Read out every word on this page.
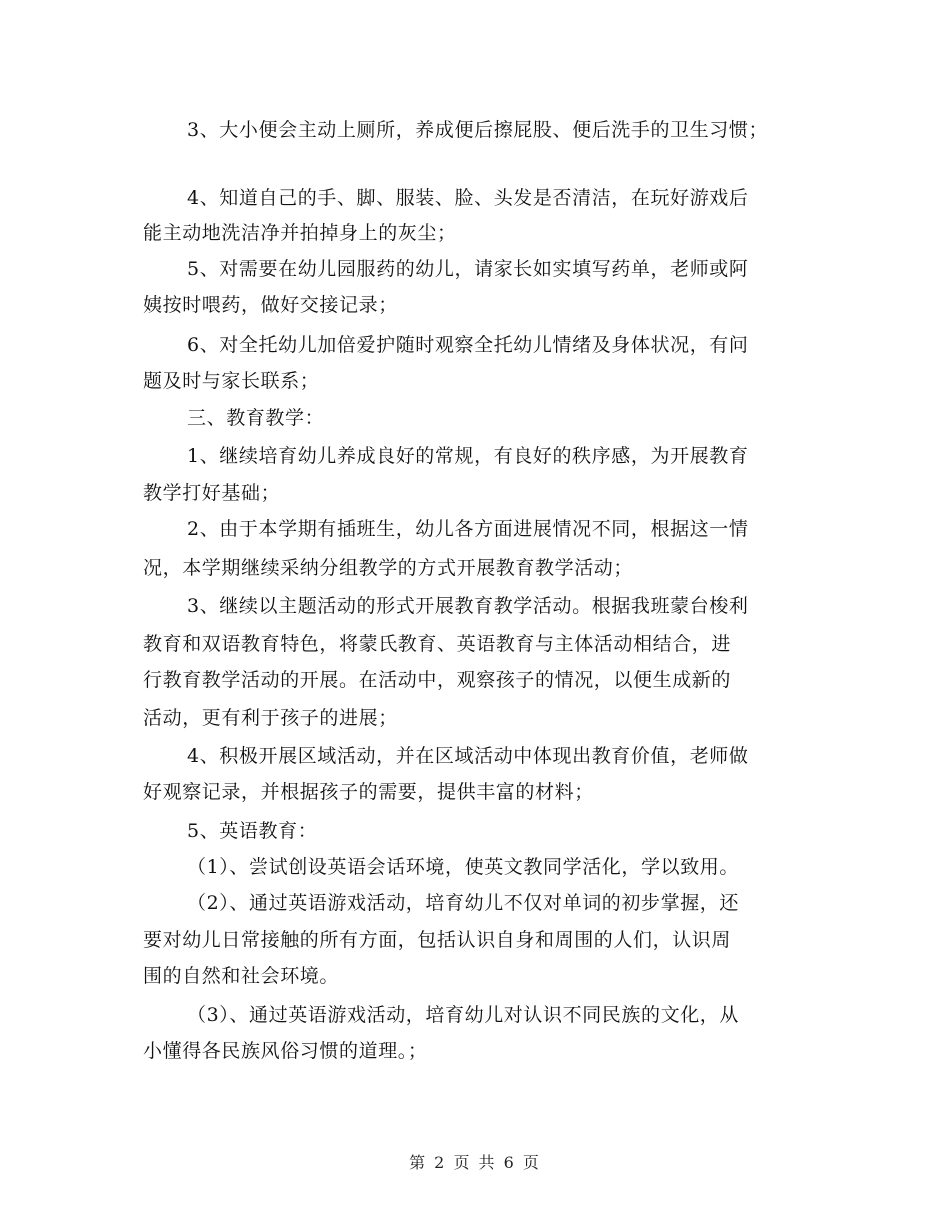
3、大小便会主动上厕所，养成便后擦屁股、便后洗手的卫生习惯；
4、知道自己的手、脚、服装、脸、头发是否清洁，在玩好游戏后
能主动地洗洁净并拍掉身上的灰尘；
5、对需要在幼儿园服药的幼儿，请家长如实填写药单，老师或阿
姨按时喂药，做好交接记录；
6、对全托幼儿加倍爱护随时观察全托幼儿情绪及身体状况，有问
题及时与家长联系；
三、教育教学：
1、继续培育幼儿养成良好的常规，有良好的秩序感，为开展教育
教学打好基础；
2、由于本学期有插班生，幼儿各方面进展情况不同，根据这一情
况，本学期继续采纳分组教学的方式开展教育教学活动；
3、继续以主题活动的形式开展教育教学活动。根据我班蒙台梭利
教育和双语教育特色，将蒙氏教育、英语教育与主体活动相结合，进
行教育教学活动的开展。在活动中，观察孩子的情况，以便生成新的
活动，更有利于孩子的进展；
4、积极开展区域活动，并在区域活动中体现出教育价值，老师做
好观察记录，并根据孩子的需要，提供丰富的材料；
5、英语教育：
（1）、尝试创设英语会话环境，使英文教同学活化，学以致用。
（2）、通过英语游戏活动，培育幼儿不仅对单词的初步掌握，还
要对幼儿日常接触的所有方面，包括认识自身和周围的人们，认识周
围的自然和社会环境。
（3）、通过英语游戏活动，培育幼儿对认识不同民族的文化，从
小懂得各民族风俗习惯的道理。；
第 2 页 共 6 页
